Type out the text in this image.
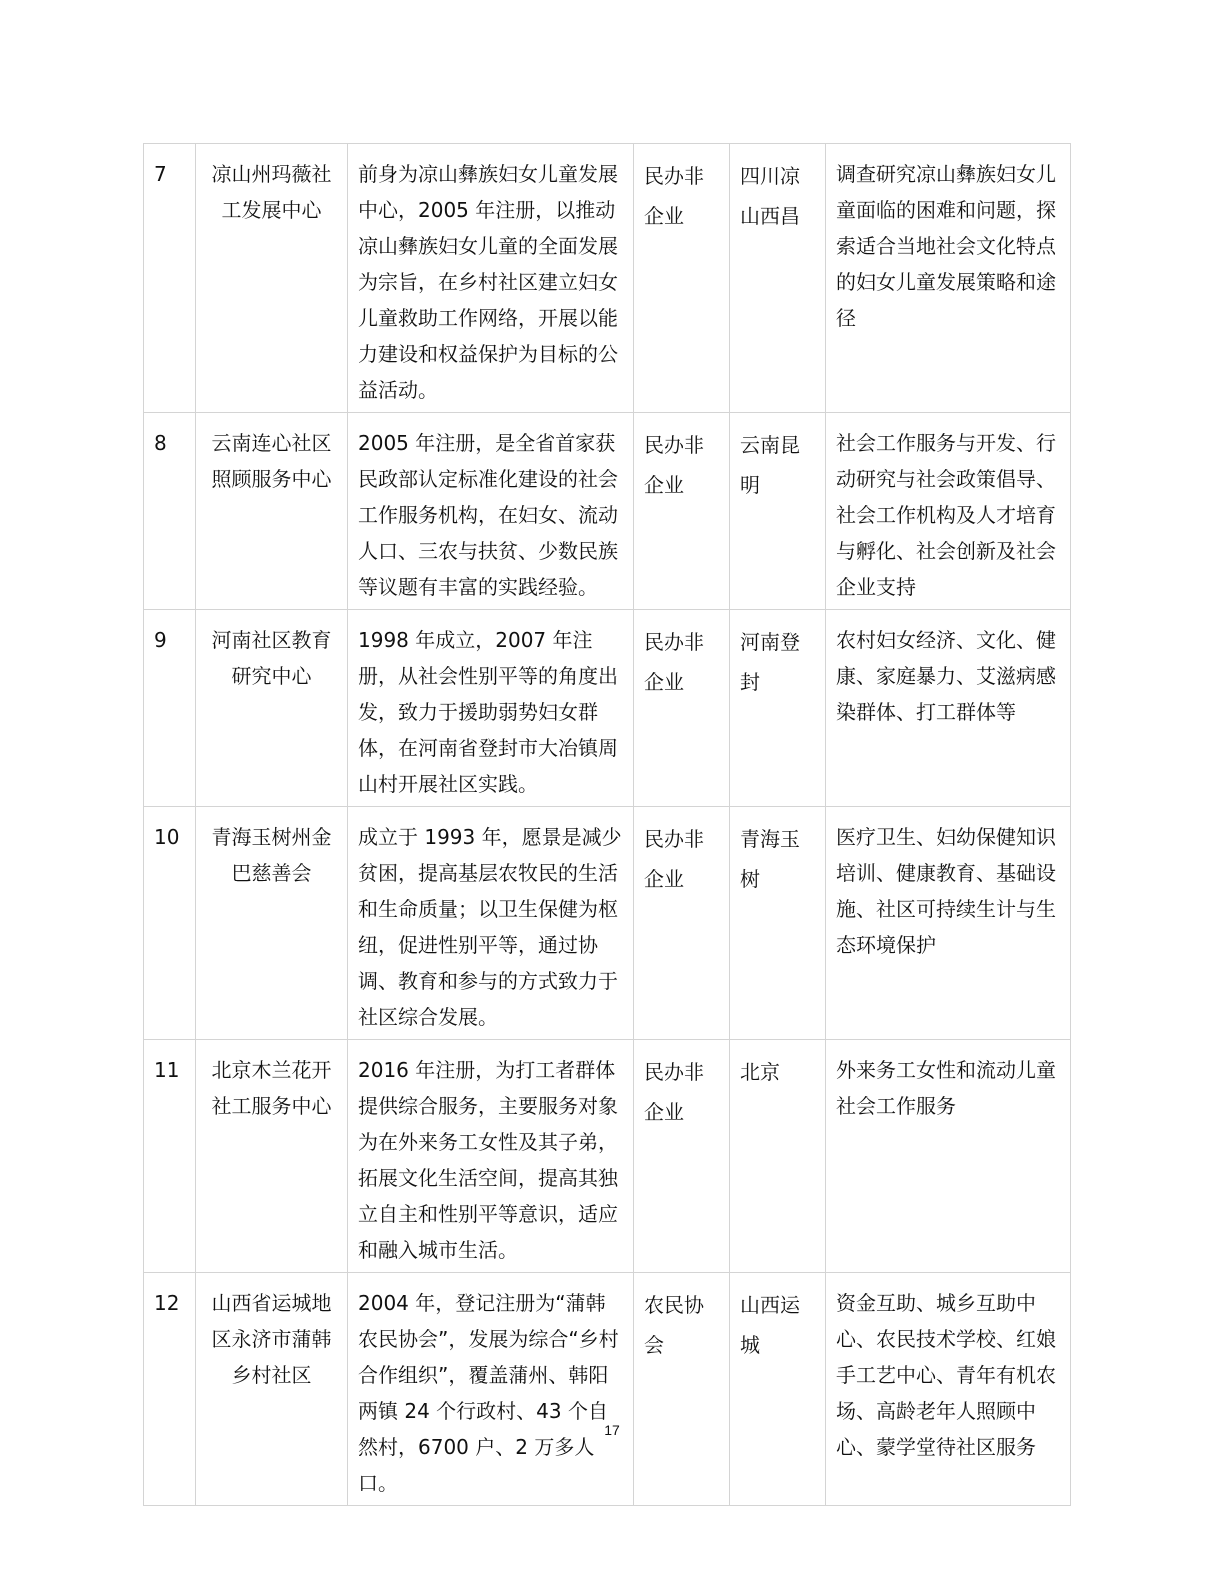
7	凉山州玛薇社工发展中心	前身为凉山彝族妇女儿童发展中心，2005 年注册，以推动凉山彝族妇女儿童的全面发展为宗旨，在乡村社区建立妇女儿童救助工作网络，开展以能力建设和权益保护为目标的公益活动。	民办非企业	四川凉山西昌	调查研究凉山彝族妇女儿童面临的困难和问题，探索适合当地社会文化特点的妇女儿童发展策略和途径
8	云南连心社区照顾服务中心	2005 年注册，是全省首家获民政部认定标准化建设的社会工作服务机构，在妇女、流动人口、三农与扶贫、少数民族等议题有丰富的实践经验。	民办非企业	云南昆明	社会工作服务与开发、行动研究与社会政策倡导、社会工作机构及人才培育与孵化、社会创新及社会企业支持
9	河南社区教育研究中心	1998 年成立，2007 年注册，从社会性别平等的角度出发，致力于援助弱势妇女群体，在河南省登封市大冶镇周山村开展社区实践。	民办非企业	河南登封	农村妇女经济、文化、健康、家庭暴力、艾滋病感染群体、打工群体等
10	青海玉树州金巴慈善会	成立于 1993 年，愿景是减少贫困，提高基层农牧民的生活和生命质量；以卫生保健为枢纽，促进性别平等，通过协调、教育和参与的方式致力于社区综合发展。	民办非企业	青海玉树	医疗卫生、妇幼保健知识培训、健康教育、基础设施、社区可持续生计与生态环境保护
11	北京木兰花开社工服务中心	2016 年注册，为打工者群体提供综合服务，主要服务对象为在外来务工女性及其子弟，拓展文化生活空间，提高其独立自主和性别平等意识，适应和融入城市生活。	民办非企业	北京	外来务工女性和流动儿童社会工作服务
12	山西省运城地区永济市蒲韩乡村社区	2004 年，登记注册为“蒲韩农民协会”，发展为综合“乡村合作组织”，覆盖蒲州、韩阳两镇 24 个行政村、43 个自然村，6700 户、2 万多人口。	农民协会	山西运城	资金互助、城乡互助中心、农民技术学校、红娘手工艺中心、青年有机农场、高龄老年人照顾中心、蒙学堂待社区服务
17
